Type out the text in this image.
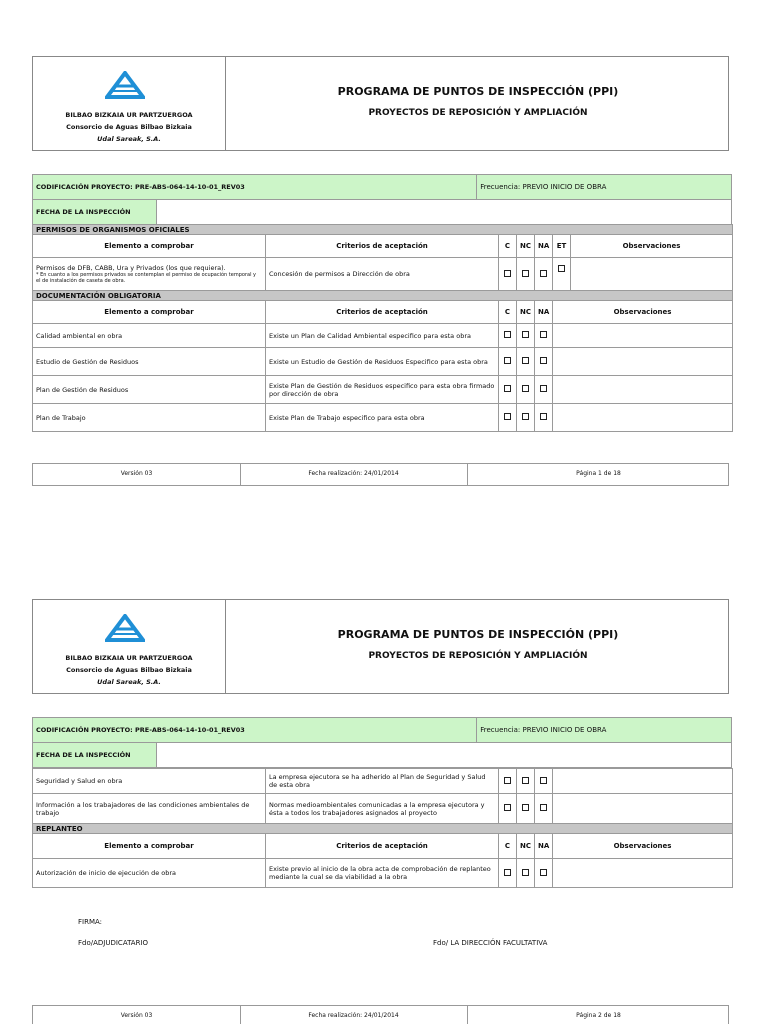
BILBAO BIZKAIA UR PARTZUERGOA
Consorcio de Aguas Bilbao Bizkaia
Udal Sareak, S.A.
PROGRAMA DE PUNTOS DE INSPECCIÓN (PPI)
PROYECTOS DE REPOSICIÓN Y AMPLIACIÓN
CODIFICACIÓN PROYECTO: PRE-ABS-064-14-10-01_REV03		Frecuencia: PREVIO INICIO DE OBRA
FECHA DE LA INSPECCIÓN		
PERMISOS DE ORGANISMOS OFICIALES						
Elemento a comprobar	Criterios de aceptación	C	NC	NA	ET	Observaciones
Permisos de DFB, CABB, Ura y Privados (los que requiera).
* En cuanto a los permisos privados se contemplan el permiso de ocupación temporal y el de instalación de caseta de obra.	Concesión de permisos a Dirección de obra					
DOCUMENTACIÓN OBLIGATORIA						
Elemento a comprobar	Criterios de aceptación	C	NC	NA	Observaciones	
Calidad ambiental en obra	Existe un Plan de Calidad Ambiental especifico para esta obra					
Estudio de Gestión de Residuos	Existe un Estudio de Gestión de Residuos Especifico para esta obra					
Plan de Gestión de Residuos	Existe Plan de Gestión de Residuos especifico para esta obra firmado por dirección de obra					
Plan de Trabajo	Existe Plan de Trabajo especifico para esta obra					
Versión 03	Fecha realización: 24/01/2014	Página 1 de 18
BILBAO BIZKAIA UR PARTZUERGOA
Consorcio de Aguas Bilbao Bizkaia
Udal Sareak, S.A.
PROGRAMA DE PUNTOS DE INSPECCIÓN (PPI)
PROYECTOS DE REPOSICIÓN Y AMPLIACIÓN
CODIFICACIÓN PROYECTO: PRE-ABS-064-14-10-01_REV03		Frecuencia: PREVIO INICIO DE OBRA
FECHA DE LA INSPECCIÓN		
Seguridad y Salud en obra	La empresa ejecutora se ha adherido al Plan de Seguridad y Salud de esta obra				
Información a los trabajadores de las condiciones ambientales de trabajo	Normas medioambientales comunicadas a la empresa ejecutora y ésta a todos los trabajadores asignados al proyecto				
REPLANTEO					
Elemento a comprobar	Criterios de aceptación	C	NC	NA	Observaciones
Autorización de inicio de ejecución de obra	Existe previo al inicio de la obra acta de comprobación de replanteo mediante la cual se da viabilidad a la obra				
FIRMA:
Fdo/ADJUDICATARIO	Fdo/ LA DIRECCIÓN FACULTATIVA
Versión 03	Fecha realización: 24/01/2014	Página 2 de 18
